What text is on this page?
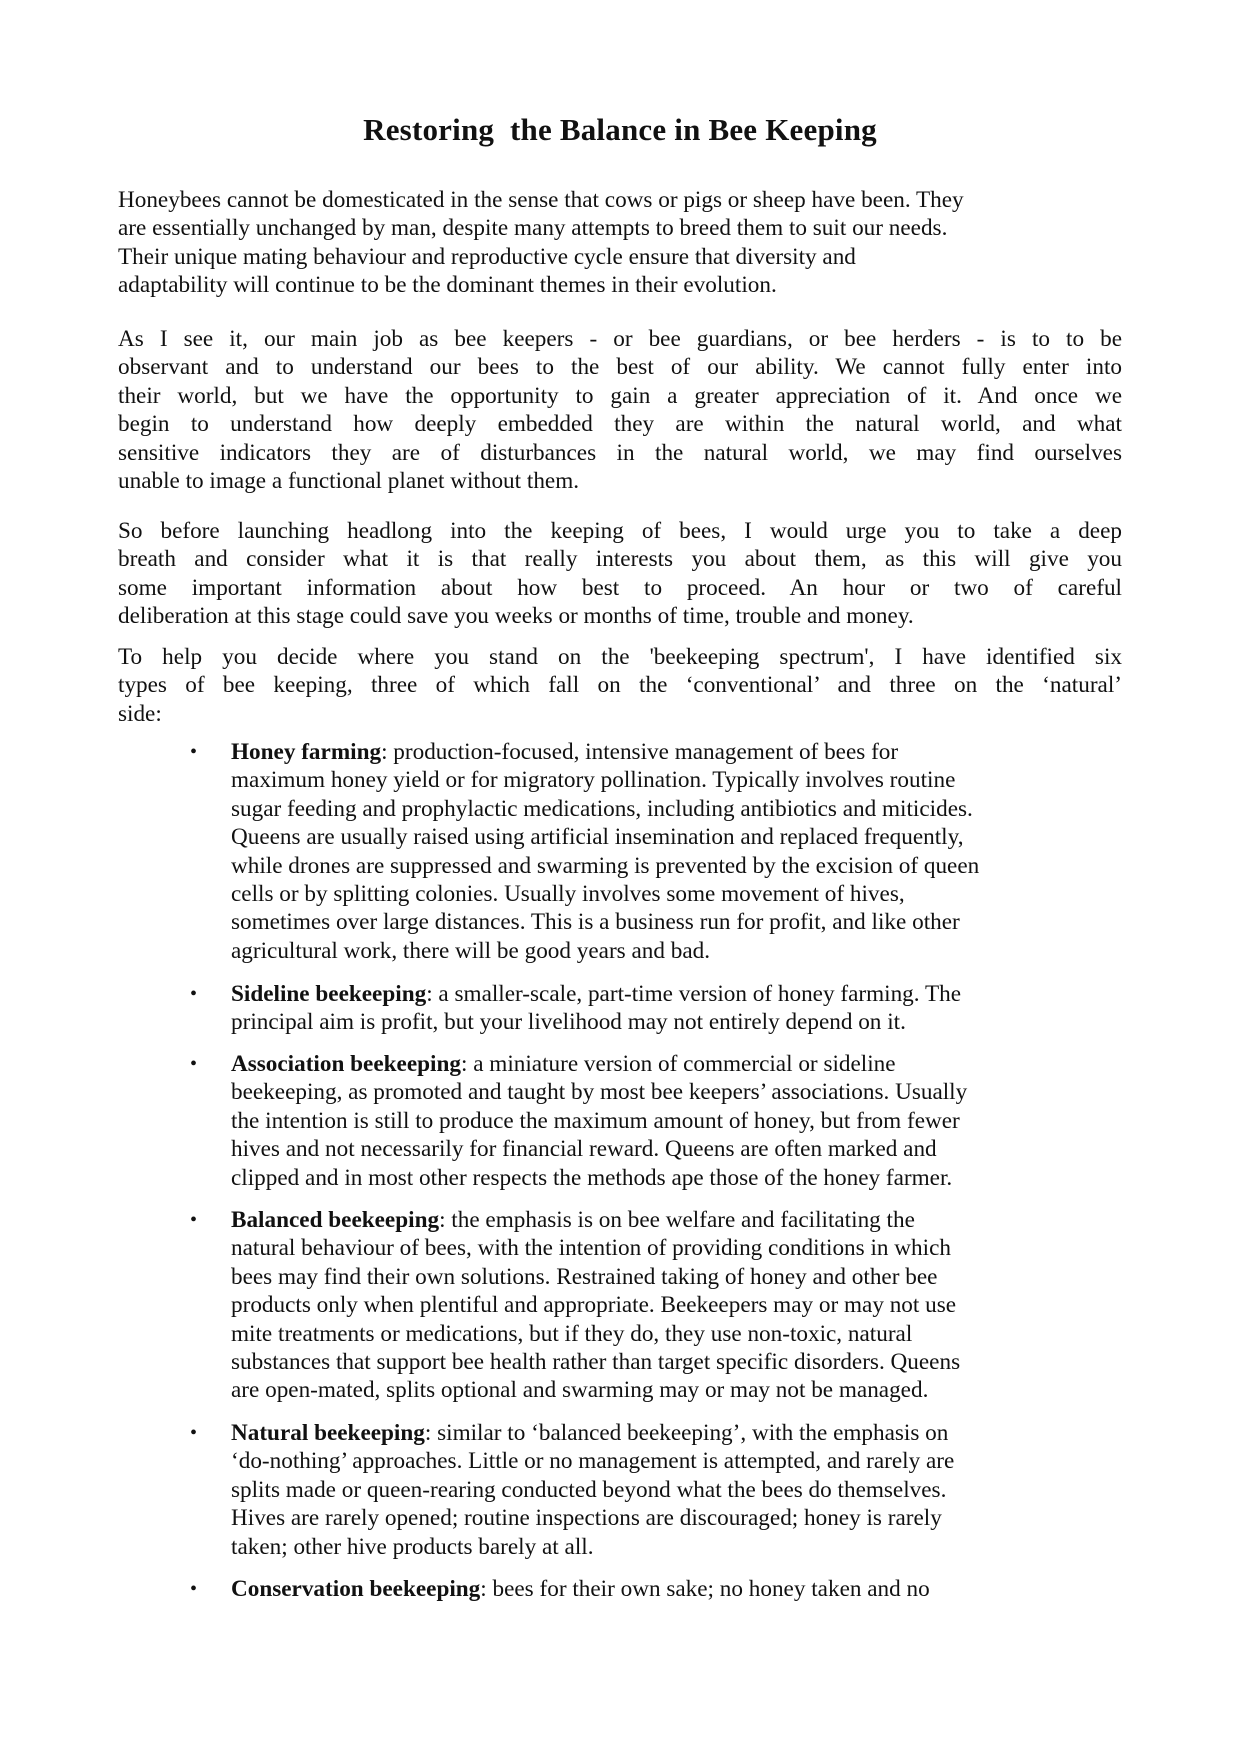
Restoring  the Balance in Bee Keeping

Honeybees cannot be domesticated in the sense that cows or pigs or sheep have been. They
are essentially unchanged by man, despite many attempts to breed them to suit our needs.
Their unique mating behaviour and reproductive cycle ensure that diversity and
adaptability will continue to be the dominant themes in their evolution.

As I see it, our main job as bee keepers - or bee guardians, or bee herders - is to to be
observant and to understand our bees to the best of our ability. We cannot fully enter into
their world, but we have the opportunity to gain a greater appreciation of it. And once we
begin to understand how deeply embedded they are within the natural world, and what
sensitive indicators they are of disturbances in the natural world, we may find ourselves
unable to image a functional planet without them.

So before launching headlong into the keeping of bees, I would urge you to take a deep
breath and consider what it is that really interests you about them, as this will give you
some important information about how best to proceed. An hour or two of careful
deliberation at this stage could save you weeks or months of time, trouble and money.

To help you decide where you stand on the 'beekeeping spectrum', I have identified six
types of bee keeping, three of which fall on the ‘conventional’ and three on the ‘natural’
side:

• Honey farming: production-focused, intensive management of bees for
maximum honey yield or for migratory pollination. Typically involves routine
sugar feeding and prophylactic medications, including antibiotics and miticides.
Queens are usually raised using artificial insemination and replaced frequently,
while drones are suppressed and swarming is prevented by the excision of queen
cells or by splitting colonies. Usually involves some movement of hives,
sometimes over large distances. This is a business run for profit, and like other
agricultural work, there will be good years and bad.
• Sideline beekeeping: a smaller-scale, part-time version of honey farming. The
principal aim is profit, but your livelihood may not entirely depend on it.
• Association beekeeping: a miniature version of commercial or sideline
beekeeping, as promoted and taught by most bee keepers’ associations. Usually
the intention is still to produce the maximum amount of honey, but from fewer
hives and not necessarily for financial reward. Queens are often marked and
clipped and in most other respects the methods ape those of the honey farmer.
• Balanced beekeeping: the emphasis is on bee welfare and facilitating the
natural behaviour of bees, with the intention of providing conditions in which
bees may find their own solutions. Restrained taking of honey and other bee
products only when plentiful and appropriate. Beekeepers may or may not use
mite treatments or medications, but if they do, they use non-toxic, natural
substances that support bee health rather than target specific disorders. Queens
are open-mated, splits optional and swarming may or may not be managed.
• Natural beekeeping: similar to ‘balanced beekeeping’, with the emphasis on
‘do-nothing’ approaches. Little or no management is attempted, and rarely are
splits made or queen-rearing conducted beyond what the bees do themselves.
Hives are rarely opened; routine inspections are discouraged; honey is rarely
taken; other hive products barely at all.
• Conservation beekeeping: bees for their own sake; no honey taken and no
